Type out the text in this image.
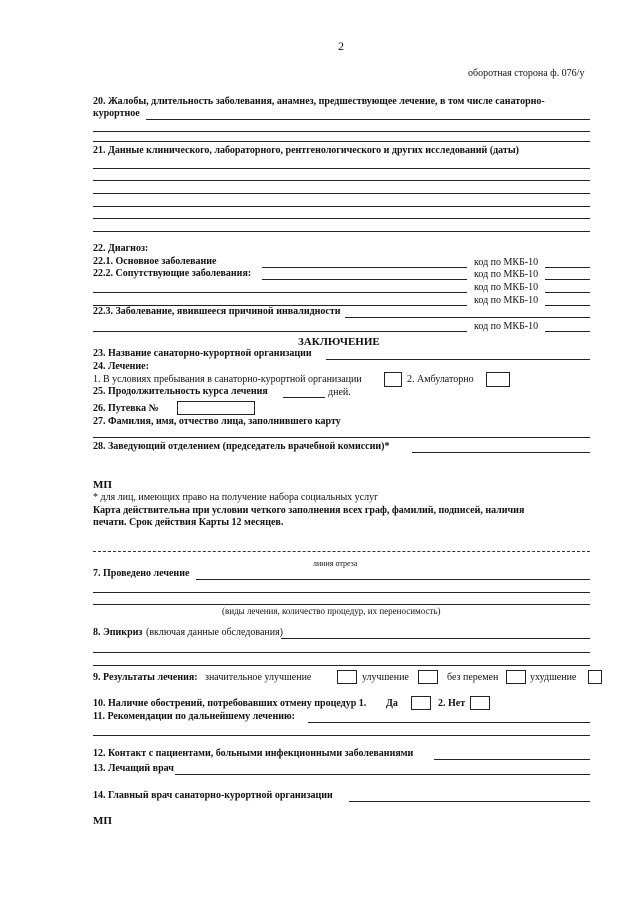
2
оборотная сторона ф. 076/у
20. Жалобы, длительность заболевания, анамнез, предшествующее лечение, в том числе санаторно-
курортное
21. Данные клинического, лабораторного, рентгенологического и других исследований (даты)
22. Диагноз:
22.1. Основное заболевание	код по МКБ-10
22.2. Сопутствующие заболевания:	код по МКБ-10
код по МКБ-10
код по МКБ-10
22.3. Заболевание, явившееся причиной инвалидности
код по МКБ-10
ЗАКЛЮЧЕНИЕ
23. Название санаторно-курортной организации
24. Лечение:
1. В условиях пребывания в санаторно-курортной организации	2. Амбулаторно
25. Продолжительность курса лечения	дней.
26. Путевка №
27. Фамилия, имя, отчество лица, заполнившего карту
28. Заведующий отделением (председатель врачебной комиссии)*
МП
* для лиц, имеющих право на получение набора социальных услуг
Карта действительна при условии четкого заполнения всех граф, фамилий, подписей, наличия
печати. Срок действия Карты 12 месяцев.
линия отреза
7. Проведено лечение
(виды лечения, количество процедур, их переносимость)
8. Эпикриз (включая данные обследования)
9. Результаты лечения: значительное улучшение	улучшение	без перемен	ухудшение
10. Наличие обострений, потребовавших отмену процедур 1. Да	2. Нет
11. Рекомендации по дальнейшему лечению:
12. Контакт с пациентами, больными инфекционными заболеваниями
13. Лечащий врач
14. Главный врач санаторно-курортной организации
МП
